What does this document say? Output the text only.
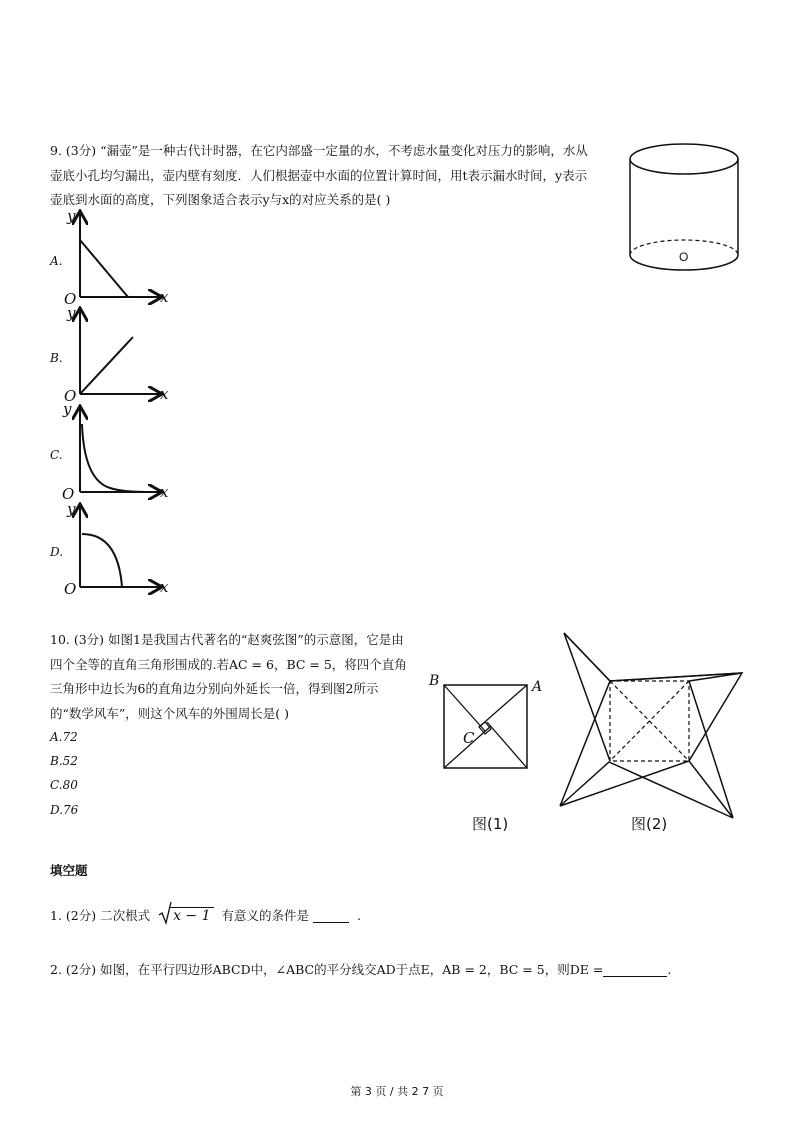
9. (3分) “漏壶”是一种古代计时器，在它内部盛一定量的水，不考虑水量变化对压力的影响，水从
壶底小孔均匀漏出，壶内壁有刻度．人们根据壶中水面的位置计算时间，用t表示漏水时间，y表示
壶底到水面的高度，下列图象适合表示y与x的对应关系的是( )
O
A.
y
x
O
B.
y
x
O
C.
y
x
O
D.
y
x
O
10. (3分) 如图1是我国古代著名的“赵爽弦图”的示意图，它是由
四个全等的直角三角形围成的.若AC = 6，BC = 5，将四个直角
三角形中边长为6的直角边分别向外延长一倍，得到图2所示
的“数学风车”，则这个风车的外围周长是( )
A.72
B.52
C.80
D.76
B	A
C
图(1)	图(2)
填空题
1. (2分) 二次根式 x − 1 有意义的条件是	.
2. (2分) 如图，在平行四边形ABCD中，∠ABC的平分线交AD于点E，AB = 2，BC = 5，则DE =	.
第 3 页 / 共 2 7 页
